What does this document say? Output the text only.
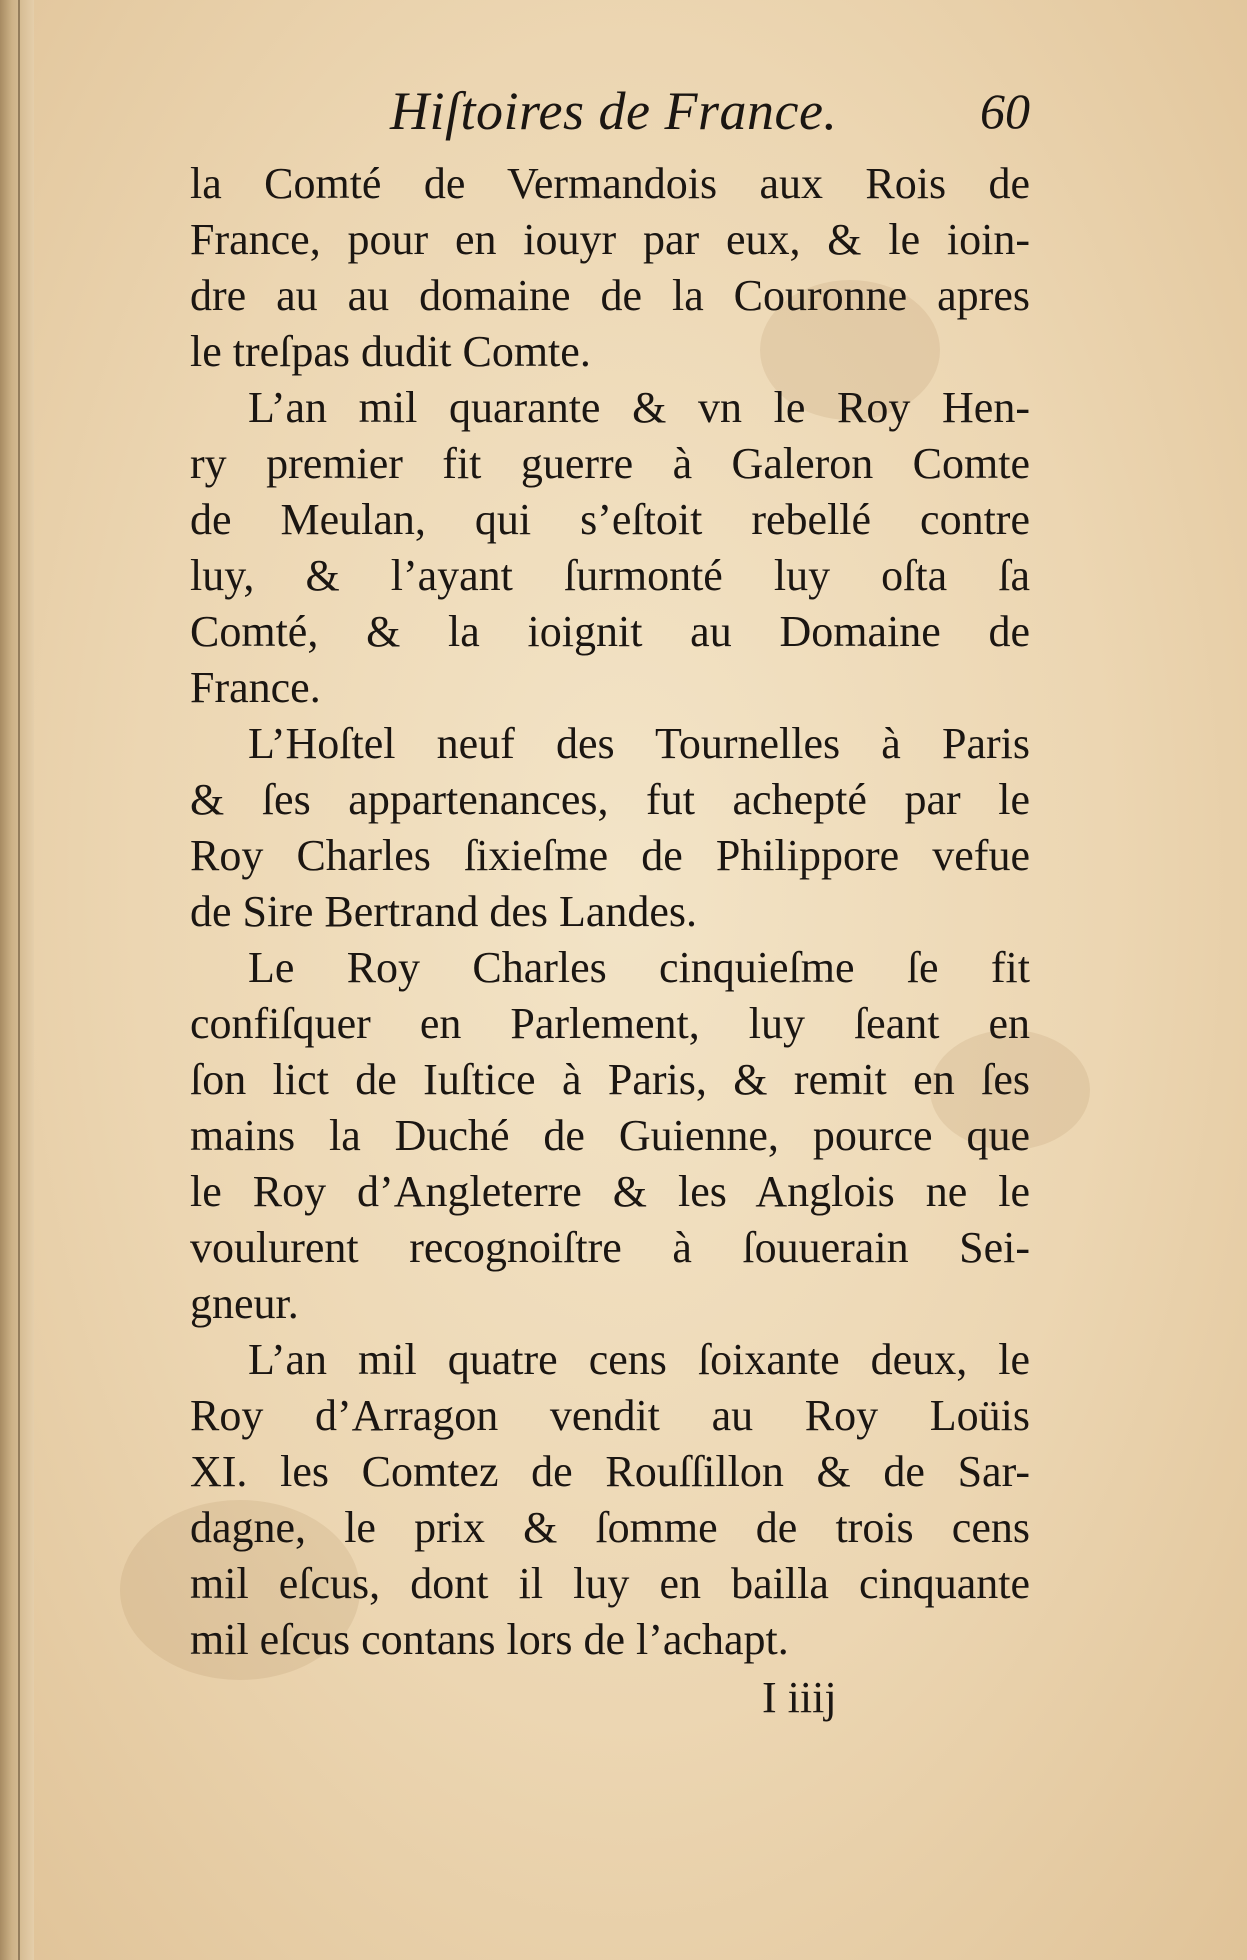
Hiſtoires de France.	60
la Comté de Vermandois aux Rois de
France, pour en iouyr par eux, & le ioin-
dre au au domaine de la Couronne apres
le treſpas dudit Comte.
L’an mil quarante & vn le Roy Hen-
ry premier fit guerre à Galeron Comte
de Meulan, qui s’eſtoit rebellé contre
luy, & l’ayant ſurmonté luy oſta ſa
Comté, & la ioignit au Domaine de
France.
L’Hoſtel neuf des Tournelles à Paris
& ſes appartenances, fut achepté par le
Roy Charles ſixieſme de Philippore vefue
de Sire Bertrand des Landes.
Le Roy Charles cinquieſme ſe fit
confiſquer en Parlement, luy ſeant en
ſon lict de Iuſtice à Paris, & remit en ſes
mains la Duché de Guienne, pource que
le Roy d’Angleterre & les Anglois ne le
voulurent recognoiſtre à ſouuerain Sei-
gneur.
L’an mil quatre cens ſoixante deux, le
Roy d’Arragon vendit au Roy Loüis
XI. les Comtez de Rouſſillon & de Sar-
dagne, le prix & ſomme de trois cens
mil eſcus, dont il luy en bailla cinquante
mil eſcus contans lors de l’achapt.
I iiij
